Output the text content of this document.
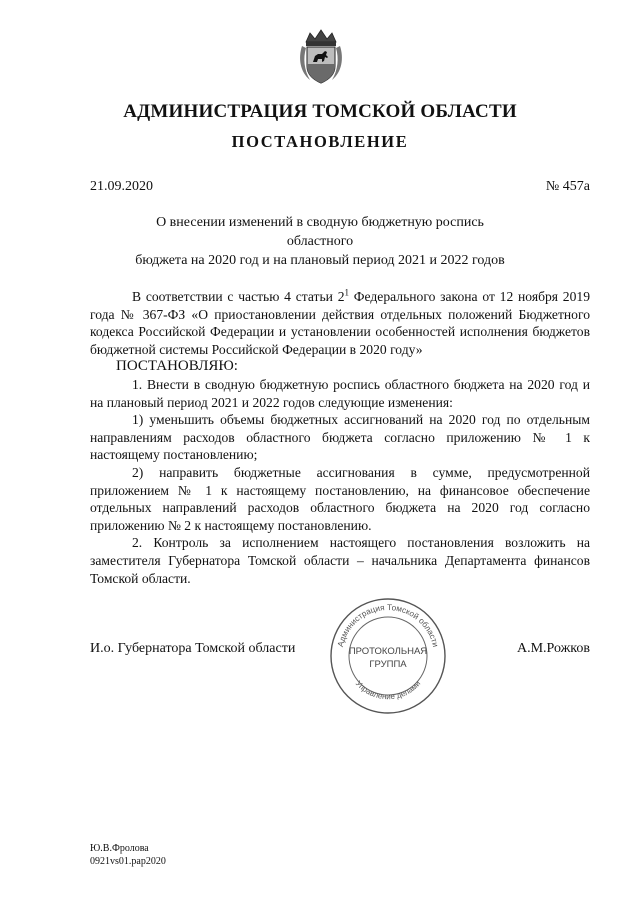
АДМИНИСТРАЦИЯ ТОМСКОЙ ОБЛАСТИ
ПОСТАНОВЛЕНИЕ
21.09.2020	№ 457а
О внесении изменений в сводную бюджетную роспись областного
бюджета на 2020 год и на плановый период 2021 и 2022 годов

В соответствии с частью 4 статьи $2^1$ Федерального закона от 12 ноября 2019 года № 367-ФЗ «О приостановлении действия отдельных положений Бюджетного кодекса Российской Федерации и установлении особенностей исполнения бюджетов бюджетной системы Российской Федерации в 2020 году»

ПОСТАНОВЛЯЮ:

1. Внести в сводную бюджетную роспись областного бюджета на 2020 год и на плановый период 2021 и 2022 годов следующие изменения:

1) уменьшить объемы бюджетных ассигнований на 2020 год по отдельным направлениям расходов областного бюджета согласно приложению № 1 к настоящему постановлению;

2) направить бюджетные ассигнования в сумме, предусмотренной приложением № 1 к настоящему постановлению, на финансовое обеспечение отдельных направлений расходов областного бюджета на 2020 год согласно приложению № 2 к настоящему постановлению.

2. Контроль за исполнением настоящего постановления возложить на заместителя Губернатора Томской области – начальника Департамента финансов Томской области.

И.о. Губернатора Томской области	А.М.Рожков
Администрация Томской области
Управление делами
ПРОТОКОЛЬНАЯ
ГРУППА
Ю.В.Фролова
0921vs01.pap2020
